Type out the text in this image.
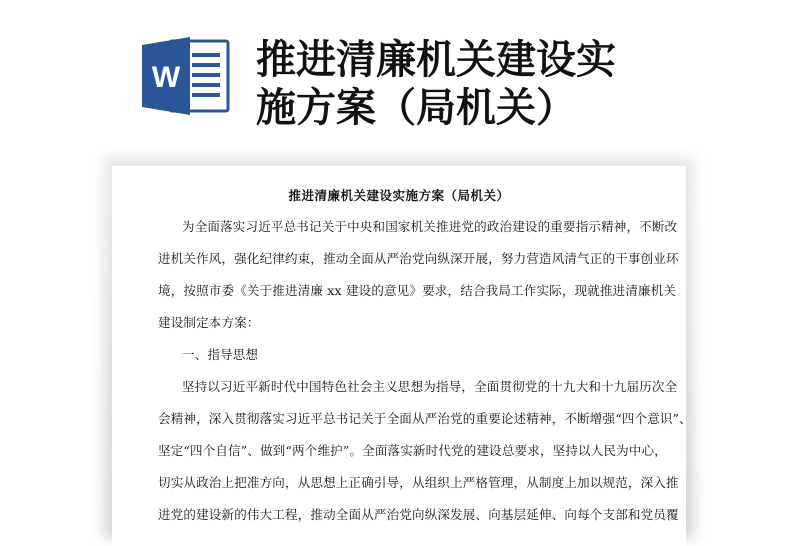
W 推进清廉机关建设实
施方案（局机关）
推进清廉机关建设实施方案（局机关）
为全面落实习近平总书记关于中央和国家机关推进党的政治建设的重要指示精神，不断改
进机关作风，强化纪律约束，推动全面从严治党向纵深开展，努力营造风清气正的干事创业环
境，按照市委《关于推进清廉 xx 建设的意见》要求，结合我局工作实际，现就推进清廉机关
建设制定本方案：
一、指导思想
坚持以习近平新时代中国特色社会主义思想为指导，全面贯彻党的十九大和十九届历次全
会精神，深入贯彻落实习近平总书记关于全面从严治党的重要论述精神，不断增强“四个意识”、
坚定“四个自信”、做到“两个维护”。全面落实新时代党的建设总要求，坚持以人民为中心，
切实从政治上把准方向，从思想上正确引导，从组织上严格管理，从制度上加以规范，深入推
进党的建设新的伟大工程，推动全面从严治党向纵深发展、向基层延伸、向每个支部和党员覆
